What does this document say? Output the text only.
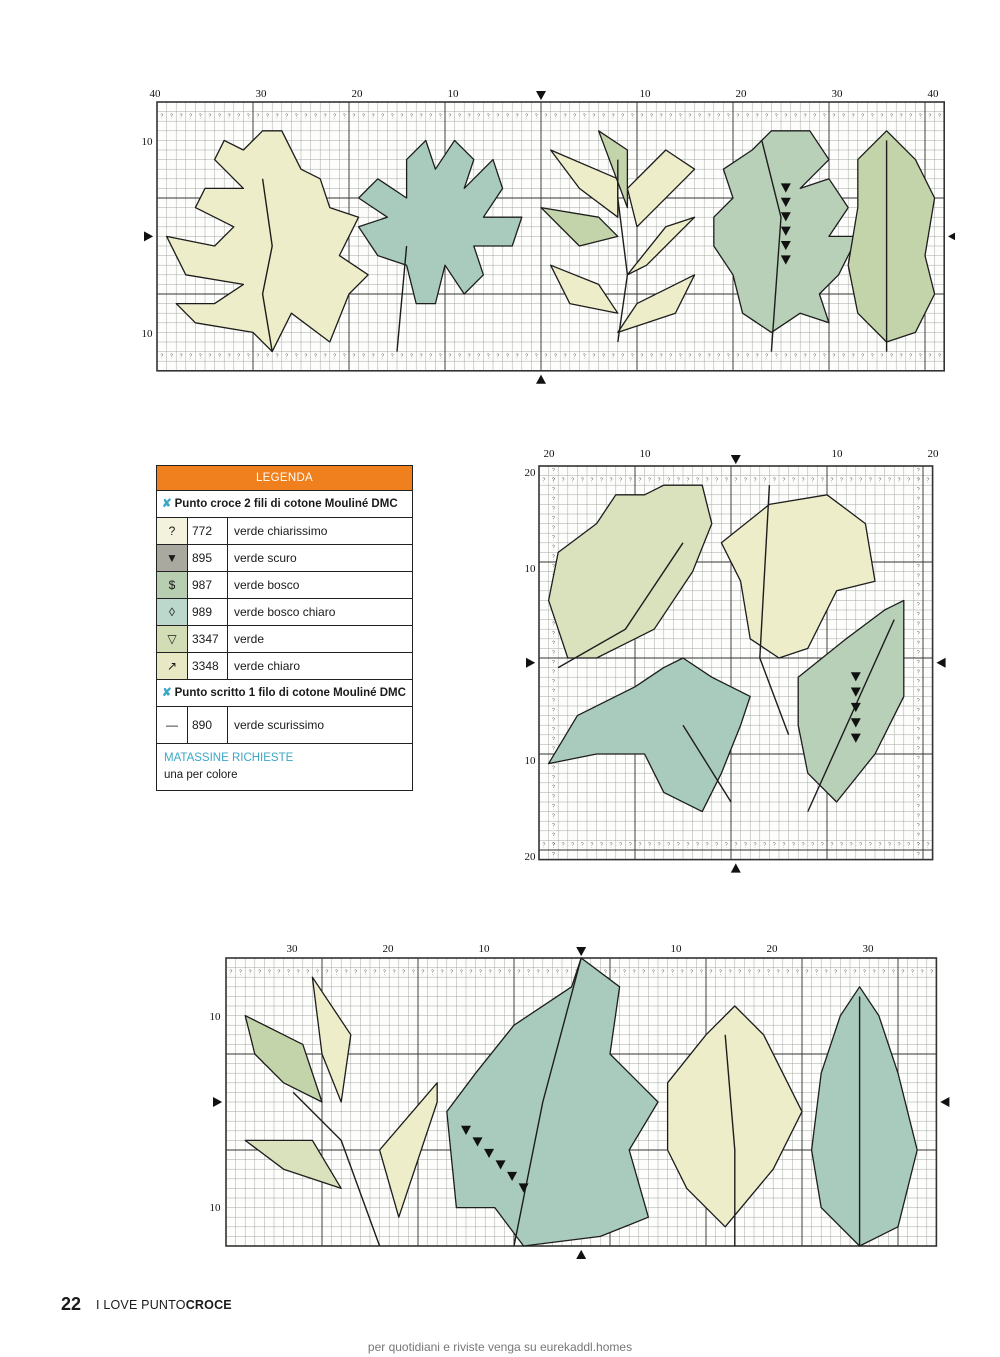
40	30	20	10	10	20	30	40
10
10
20	10	10	20
20
10
10
20
30	20	10	10	20	30
10
10
LEGENDA
✘ Punto croce 2 fili di cotone Mouliné DMC
?	772	verde chiarissimo
▼	895	verde scuro
$	987	verde bosco
◊	989	verde bosco chiaro
▽	3347	verde
↗	3348	verde chiaro
✘ Punto scritto 1 filo di cotone Mouliné DMC
—	890	verde scurissimo
MATASSINE RICHIESTE
una per colore
22 I LOVE PUNTOCROCE
per quotidiani e riviste venga su eurekaddl.homes
